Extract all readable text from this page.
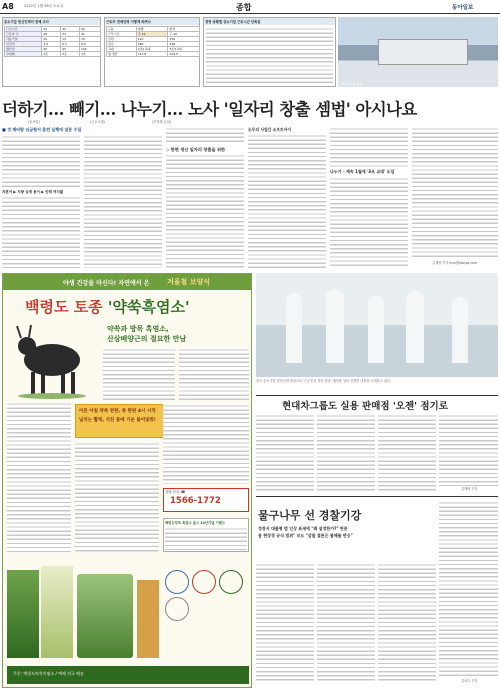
A8	2012년 1월 28일 토요일	종합	동아일보
중소기업 현신인력의 전체 조사
근로시간	40	45	52
근로자 수	28	33	41
가동기일	10	12	15
인건비	4.5	5.2	6.0
생산성	90	95	100
교대제	2조	3조	3조
근로자 전체인력 어떻게 바뀌나
구분	현행	변경
근무시간	주 52	주 40
인원	120	158
임금	260	248
교대	2조2교대	3조3교대
월 생산	111.8	124.5
경영 상황별 중소기업 근로시간 단축분
주목할 공장 전경
더하기… 빼기… 나누기… 노사 '일자리 창출 셈법' 아시나요
(동보업)	(근무시행)	(연결제 유일)
■ 정 해바람 임금협서 훈련 실행에 설문 수집
자본이 ▶ 지방 승계 용이 ▶ 인력 여지를
◇ 한편 생산 일자리 창출을 위한
도무의 사업간 소프트아이
나누기 - 계속 1월에 '3조 교대' 도입
김재영 기자 jkim@donga.com
야생 건강을 마신다! 자연에서 온	겨울철 보양식
백령도 토종 '약쑥흑염소'
약쑥과 방목 흑염소,
산삼배양근의 절묘한 만남
이른 아침 약쑥 찬판, 쑥 한판 4시 시작
넘치는 활력, 지친 몸에 기운 불어넣줘!
상담 문의 ☎
1566-1772
백령도약쑥 흑염소 출시 10년기념 이벤트
주문: 백령도약쑥흑염소 / 택배 전국 배송
한국 중소기업 현신인력 대상으로 '근무조건 개선 결과' 행사를 열어 실현한 내용을 소개하고 있다
현대차그룹도 실용 판매점 '오젠' 점기로
김재영 기자
물구나무 선 경찰기강
정장서 대불형 범 인상 표세에 "왜 설정한가?" 반론
몸 현장경 공식 범위" 보도 "감찰 결론은 불해를 반응"
김성수 기자
